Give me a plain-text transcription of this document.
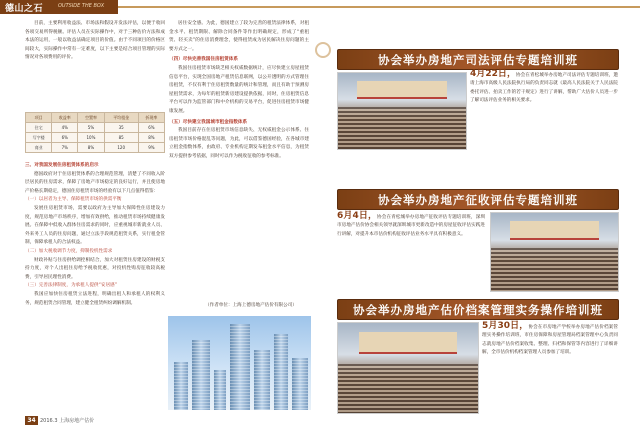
德山之石	OUTSIDE THE BOX

目前，主要利用收益法、市场法和假设开发法评估，以便于收回各项交易所得税额。评估人员在实际操作中，对于三种估价方法和成本法的运用，一般以收益法确定项目的价值。由于不同项目的价格区间较大，实际操作中常有一定难度，以下主要是结合项目管理的实际情况对各项费用的评价。

项目	收益率	空置率	平均租金	折现率
住宅	4%	5%	35	6%
写字楼	6%	10%	85	8%
商业	7%	8%	120	9%

三、对我国发展住房租赁体系的启示

德国政府对于住房租赁体系的合理规范管理，清楚了不同收入阶层居民的住房需求，保障了房地产市场稳定的良好运行，并且使房地产价格长期稳定，德国住房租赁市场的经验有以下几点值得借鉴：

（一）以居者为主导、保障租赁市场的供需平衡

发展住房租赁市场，需要以政府为主导加大保障性住房建设力度，规范房地产市场秩序，增加有效供给，推动租赁市场持续健康发展。在保障中低收入群体住房需求的同时，应重视城市新就业人员、外来务工人员的住房问题，通过立法手段规范租赁关系，实行租金管制，保障承租人的合法权益。

（二）加大税收调节力度，抑制投机性需求

财政补贴与住房供给调控相结合，加大对租赁住房建设的财税支持力度，对个人出租住房给予税收优惠，对投机性购房征收较高税费，引导居民理性消费。

（三）完善法律制度，为承租人提供“安居感”

我国应加快住房租赁立法进程，明确出租人和承租人的权利义务，规范租赁合同管理，建立健全租赁纠纷调解机制。

居住安全感。为此，德国建立了较为完善的租赁法律体系，对租金水平、租赁期限、解除合同条件等作出明确规定，形成了“重租赁、轻买卖”的住房消费理念，使得租赁成为居民解决住房问题的主要方式之一。

（四）尽快完善我国住房租赁体系

我国住房租赁市场缺乏相关权威数据统计，应尽快建立房屋租赁信息平台，实现全国房地产租赁信息联网，以公开透明的方式管理住房租赁，不仅有利于住房租赁数量的统计和管理，而且有助于预测房屋租赁需求，为每年的租赁新房建设提供依据，同时，住房租赁信息平台可以作为监管部门和中介机构的交易平台，促进住房租赁市场健康发展。

（五）尽快建立我国城市租金指数体系

我国目前存在住房租赁市场信息缺失、无权威租金公示体系、住房租赁市场价格混乱等问题，为此，可以借鉴德国经验，在各城市建立租金指数体系，由政府、专业机构定期发布租金水平信息，为租赁双方提供参考依据，同时可以作为税收征收的参考标准。

（作者单位：上海上德房地产估价有限公司）
协会举办房地产司法评估专题培训班
4月22日，协会在青松城举办房地产司法评估专题培训班，邀请上海市高级人民法院执行局的负责同志就《最高人民法院关于人民法院委托评估、拍卖工作的若干规定》进行了讲解，帮助广大估价人员进一步了解司法评估业务的相关要求。
协会举办房地产征收评估专题培训班
6月4日，协会在青松城举办房地产征收评估专题培训班，深圳市房地产估价协会相关领导就深圳城市更新改造中的房屋征收评估实践进行讲解，对提升本市估价机构征收评估业务水平具有积极意义。
协会举办房地产估价档案管理实务操作培训班
5月30日，协会在市房地产学校举办房地产估价档案管理实务操作培训班，市住房保障和房屋管理局档案管理中心负责同志就房地产估价档案收集、整理、归档和保管等内容进行了详细讲解，全市估价机构档案管理人员参加了培训。
34 2016.3 上海房地产估价
